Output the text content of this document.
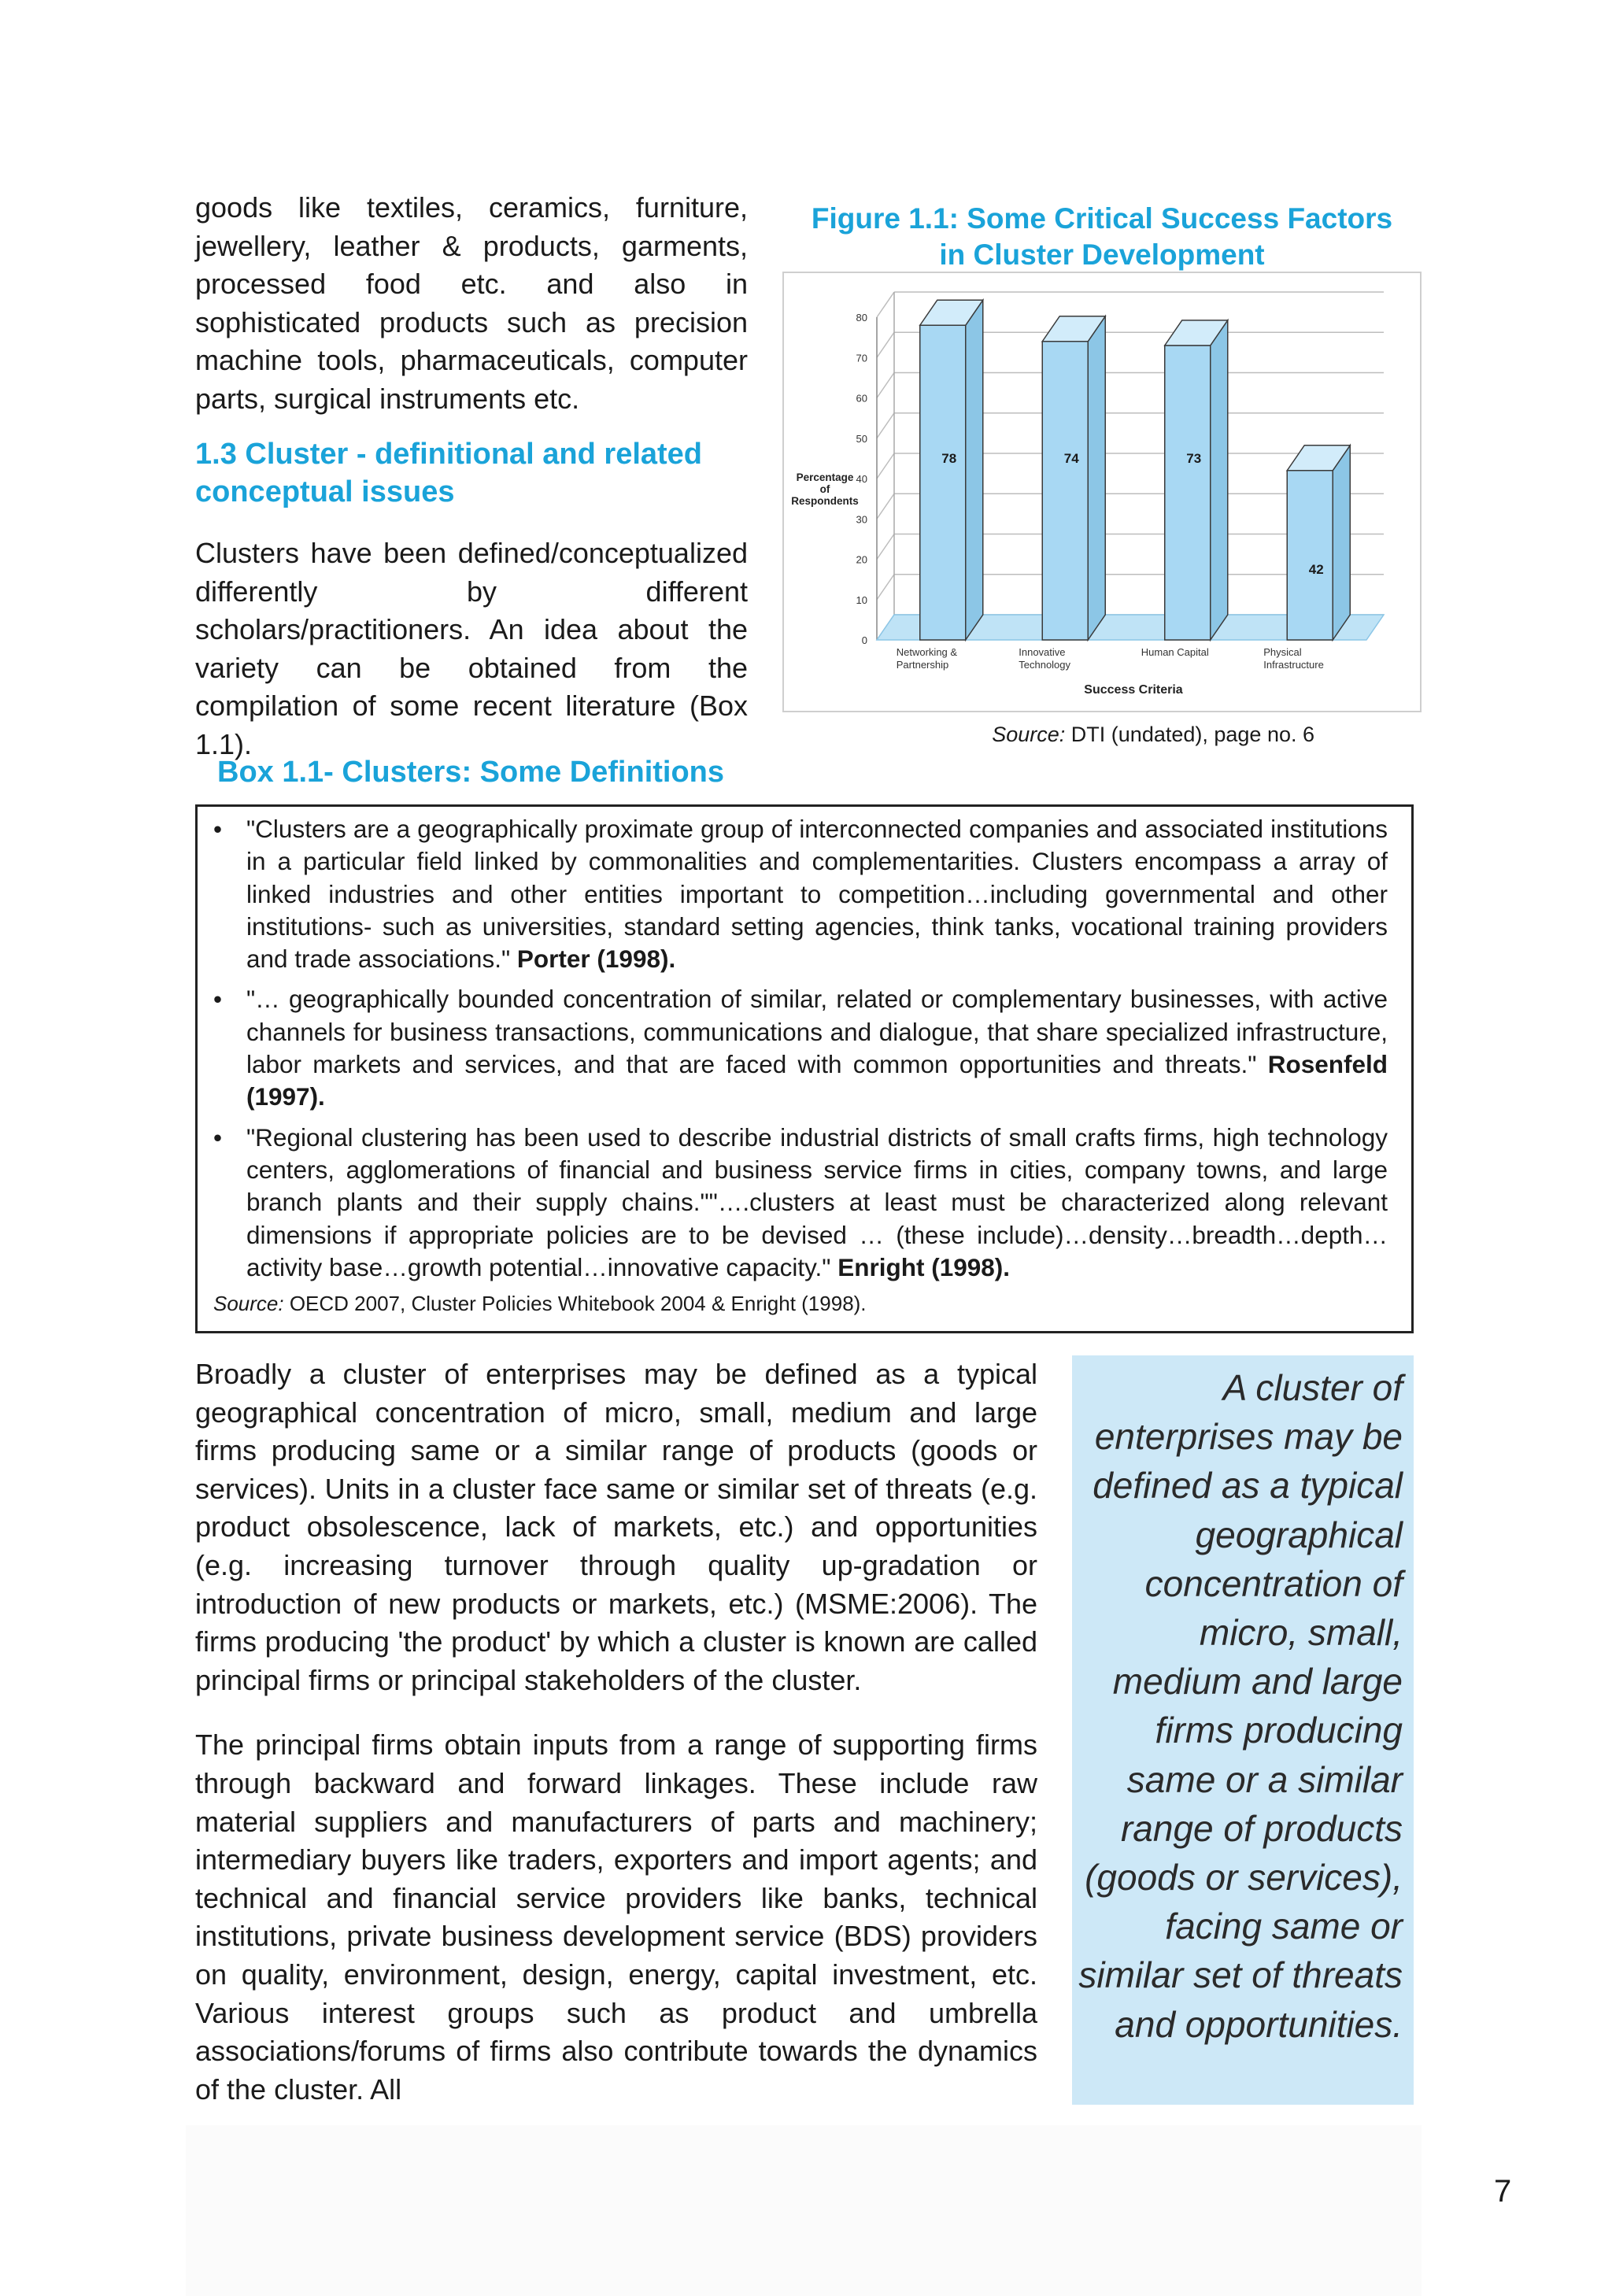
goods like textiles, ceramics, furniture, jewellery, leather & products, garments, processed food etc. and also in sophisticated products such as precision machine tools, pharmaceuticals, computer parts, surgical instruments etc.

1.3 Cluster - definitional and related conceptual issues

Clusters have been defined/conceptualized differently by different scholars/practitioners. An idea about the variety can be obtained from the compilation of some recent literature (Box 1.1).

Figure 1.1: Some Critical Success Factors
in Cluster Development
0
10
20
30
40
50
60
70
80
Percentage
of
Respondents
78
Networking &
Partnership
74
Innovative
Technology
73
Human Capital
42
Physical
Infrastructure
Success Criteria
Source: DTI (undated), page no. 6
Box 1.1- Clusters: Some Definitions
• "Clusters are a geographically proximate group of interconnected companies and associated institutions in a particular field linked by commonalities and complementarities. Clusters encompass a array of linked industries and other entities important to competition…including governmental and other institutions- such as universities, standard setting agencies, think tanks, vocational training providers and trade associations." Porter (1998).
• "… geographically bounded concentration of similar, related or complementary businesses, with active channels for business transactions, communications and dialogue, that share specialized infrastructure, labor markets and services, and that are faced with common opportunities and threats." Rosenfeld (1997).
• "Regional clustering has been used to describe industrial districts of small crafts firms, high technology centers, agglomerations of financial and business service firms in cities, company towns, and large branch plants and their supply chains.""….clusters at least must be characterized along relevant dimensions if appropriate policies are to be devised … (these include)…density…breadth…depth…activity base…growth potential…innovative capacity." Enright (1998).
Source: OECD 2007, Cluster Policies Whitebook 2004 & Enright (1998).

Broadly a cluster of enterprises may be defined as a typical geographical concentration of micro, small, medium and large firms producing same or a similar range of products (goods or services). Units in a cluster face same or similar set of threats (e.g. product obsolescence, lack of markets, etc.) and opportunities (e.g. increasing turnover through quality up-gradation or introduction of new products or markets, etc.) (MSME:2006). The firms producing 'the product' by which a cluster is known are called principal firms or principal stakeholders of the cluster.

The principal firms obtain inputs from a range of supporting firms through backward and forward linkages. These include raw material suppliers and manufacturers of parts and machinery; intermediary buyers like traders, exporters and import agents; and technical and financial service providers like banks, technical institutions, private business development service (BDS) providers on quality, environment, design, energy, capital investment, etc. Various interest groups such as product and umbrella associations/forums of firms also contribute towards the dynamics of the cluster. All

A cluster of enterprises may be defined as a typical geographical concentration of micro, small, medium and large firms producing same or a similar range of products (goods or services), facing same or similar set of threats and opportunities.
7
